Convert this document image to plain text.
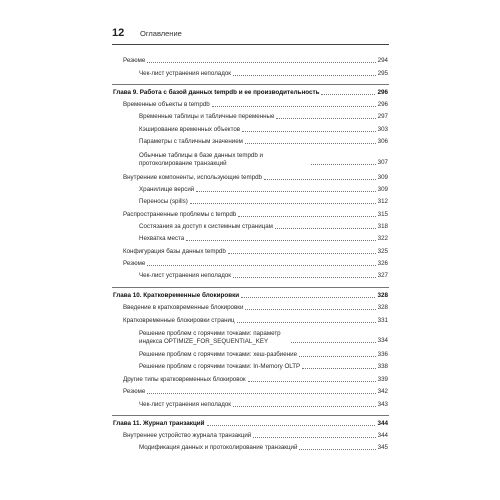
12 Оглавление
Резюме	294
Чек-лист устранения неполадок	295
Глава 9. Работа с базой данных tempdb и ее производительность	296
Временные объекты в tempdb	296
Временные таблицы и табличные переменные	297
Кэширование временных объектов	303
Параметры с табличным значением	306
Обычные таблицы в базе данных tempdb и протоколирование транзакций	307
Внутренние компоненты, использующие tempdb	309
Хранилище версий	309
Переносы (spills)	312
Распространенные проблемы с tempdb	315
Состязания за доступ к системным страницам	318
Нехватка места	322
Конфигурация базы данных tempdb	325
Резюме	326
Чек-лист устранения неполадок	327
Глава 10. Кратковременные блокировки	328
Введение в кратковременные блокировки	328
Кратковременные блокировки страниц	331
Решение проблем с горячими точками: параметр индекса OPTIMIZE_FOR_SEQUENTIAL_KEY	334
Решение проблем с горячими точками: хеш-разбиение	336
Решение проблем с горячими точками: In-Memory OLTP	338
Другие типы кратковременных блокировок	339
Резюме	342
Чек-лист устранения неполадок	343
Глава 11. Журнал транзакций	344
Внутреннее устройство журнала транзакций	344
Модификация данных и протоколирование транзакций	345
